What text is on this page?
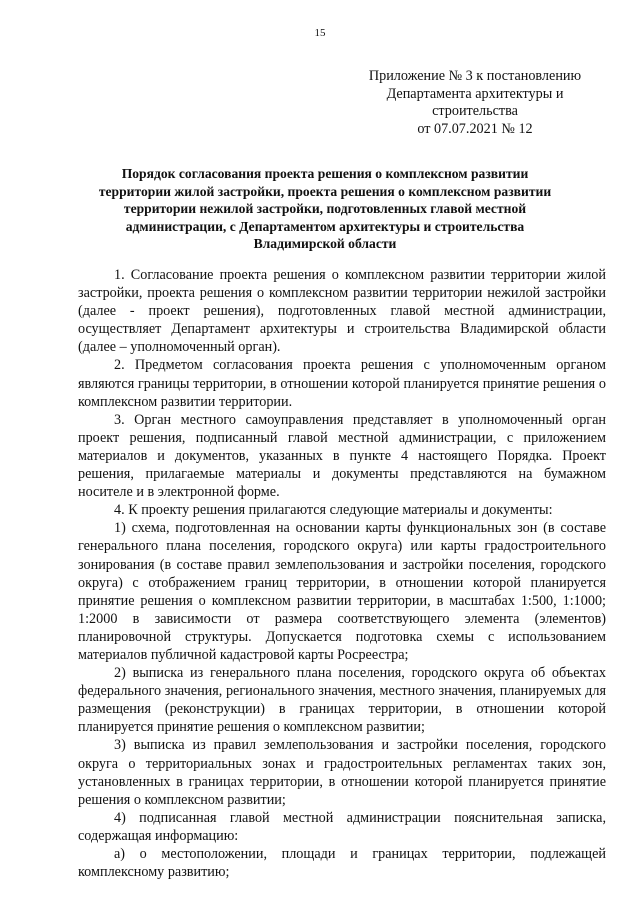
15
Приложение № 3 к постановлению
Департамента архитектуры и
строительства
от 07.07.2021 № 12
Порядок согласования проекта решения о комплексном развитии
территории жилой застройки, проекта решения о комплексном развитии
территории нежилой застройки, подготовленных главой местной
администрации, с Департаментом архитектуры и строительства
Владимирской области

1. Согласование проекта решения о комплексном развитии территории жилой застройки, проекта решения о комплексном развитии территории нежилой застройки (далее - проект решения), подготовленных главой местной администрации, осуществляет Департамент архитектуры и строительства Владимирской области (далее – уполномоченный орган).

2. Предметом согласования проекта решения с уполномоченным органом являются границы территории, в отношении которой планируется принятие решения о комплексном развитии территории.

3. Орган местного самоуправления представляет в уполномоченный орган проект решения, подписанный главой местной администрации, с приложением материалов и документов, указанных в пункте 4 настоящего Порядка. Проект решения, прилагаемые материалы и документы представляются на бумажном носителе и в электронной форме.

4. К проекту решения прилагаются следующие материалы и документы:

1) схема, подготовленная на основании карты функциональных зон (в составе генерального плана поселения, городского округа) или карты градостроительного зонирования (в составе правил землепользования и застройки поселения, городского округа) с отображением границ территории, в отношении которой планируется принятие решения о комплексном развитии территории, в масштабах 1:500, 1:1000; 1:2000 в зависимости от размера соответствующего элемента (элементов) планировочной структуры. Допускается подготовка схемы с использованием материалов публичной кадастровой карты Росреестра;

2) выписка из генерального плана поселения, городского округа об объектах федерального значения, регионального значения, местного значения, планируемых для размещения (реконструкции) в границах территории, в отношении которой планируется принятие решения о комплексном развитии;

3) выписка из правил землепользования и застройки поселения, городского округа о территориальных зонах и градостроительных регламентах таких зон, установленных в границах территории, в отношении которой планируется принятие решения о комплексном развитии;

4) подписанная главой местной администрации пояснительная записка, содержащая информацию:

а) о местоположении, площади и границах территории, подлежащей комплексному развитию;
